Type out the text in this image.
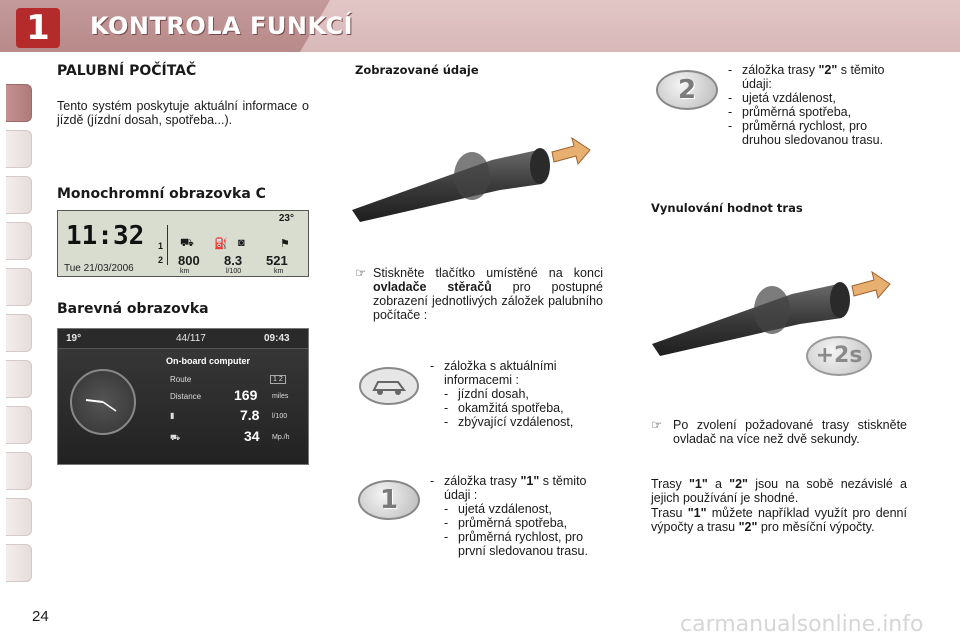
1	KONTROLA FUNKCÍ
PALUBNÍ POČÍTAČ
Tento systém poskytuje aktuální informace o jízdě (jízdní dosah, spotřeba...).
Monochromní obrazovka C
11:32
Tue 21/03/2006
23°
1
2
⛟ ⛽ ◙	⚑
800
km
8.3
l/100
521
km
Barevná obrazovka
19°	44/117	09:43
On-board computer
Route	1 2
Distance 169 miles
▮	7.8 l/100
⛟	34 Mp./h
Zobrazované údaje
☞ Stiskněte tlačítko umístěné na konci ovladače stěračů pro postupné zobrazení jednotlivých záložek palubního počítače :
- záložka s aktuálními informacemi :
- jízdní dosah,
- okamžitá spotřeba,
- zbývající vzdálenost,
1
- záložka trasy "1" s těmito údaji :
- ujetá vzdálenost,
- průměrná spotřeba,
- průměrná rychlost, pro první sledovanou trasu.
2
- záložka trasy "2" s těmito údaji:
- ujetá vzdálenost,
- průměrná spotřeba,
- průměrná rychlost, pro druhou sledovanou trasu.
Vynulování hodnot tras
+2s
☞ Po zvolení požadované trasy stiskněte ovladač na více než dvě sekundy.
Trasy "1" a "2" jsou na sobě nezávislé a jejich používání je shodné.
Trasu "1" můžete například využít pro denní výpočty a trasu "2" pro měsíční výpočty.
24	carmanualsonline.info
